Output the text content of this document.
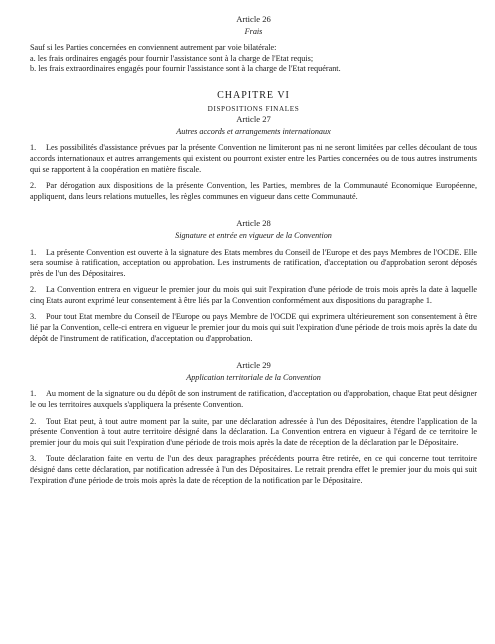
Article 26

Frais

Sauf si les Parties concernées en conviennent autrement par voie bilatérale:

a. les frais ordinaires engagés pour fournir l'assistance sont à la charge de l'Etat requis;

b. les frais extraordinaires engagés pour fournir l'assistance sont à la charge de l'Etat requérant.

CHAPITRE VI

DISPOSITIONS FINALES

Article 27

Autres accords et arrangements internationaux

1. Les possibilités d'assistance prévues par la présente Convention ne limiteront pas ni ne seront limitées par celles découlant de tous accords internationaux et autres arrangements qui existent ou pourront exister entre les Parties concernées ou de tous autres instruments qui se rapportent à la coopération en matière fiscale.

2. Par dérogation aux dispositions de la présente Convention, les Parties, membres de la Communauté Economique Européenne, appliquent, dans leurs relations mutuelles, les règles communes en vigueur dans cette Communauté.

Article 28

Signature et entrée en vigueur de la Convention

1. La présente Convention est ouverte à la signature des Etats membres du Conseil de l'Europe et des pays Membres de l'OCDE. Elle sera soumise à ratification, acceptation ou approbation. Les instruments de ratification, d'acceptation ou d'approbation seront déposés près de l'un des Dépositaires.

2. La Convention entrera en vigueur le premier jour du mois qui suit l'expiration d'une période de trois mois après la date à laquelle cinq Etats auront exprimé leur consentement à être liés par la Convention conformément aux dispositions du paragraphe 1.

3. Pour tout Etat membre du Conseil de l'Europe ou pays Membre de l'OCDE qui exprimera ultérieurement son consentement à être lié par la Convention, celle-ci entrera en vigueur le premier jour du mois qui suit l'expiration d'une période de trois mois après la date du dépôt de l'instrument de ratification, d'acceptation ou d'approbation.

Article 29

Application territoriale de la Convention

1. Au moment de la signature ou du dépôt de son instrument de ratification, d'acceptation ou d'approbation, chaque Etat peut désigner le ou les territoires auxquels s'appliquera la présente Convention.

2. Tout Etat peut, à tout autre moment par la suite, par une déclaration adressée à l'un des Dépositaires, étendre l'application de la présente Convention à tout autre territoire désigné dans la déclaration. La Convention entrera en vigueur à l'égard de ce territoire le premier jour du mois qui suit l'expiration d'une période de trois mois après la date de réception de la déclaration par le Dépositaire.

3. Toute déclaration faite en vertu de l'un des deux paragraphes précédents pourra être retirée, en ce qui concerne tout territoire désigné dans cette déclaration, par notification adressée à l'un des Dépositaires. Le retrait prendra effet le premier jour du mois qui suit l'expiration d'une période de trois mois après la date de réception de la notification par le Dépositaire.
